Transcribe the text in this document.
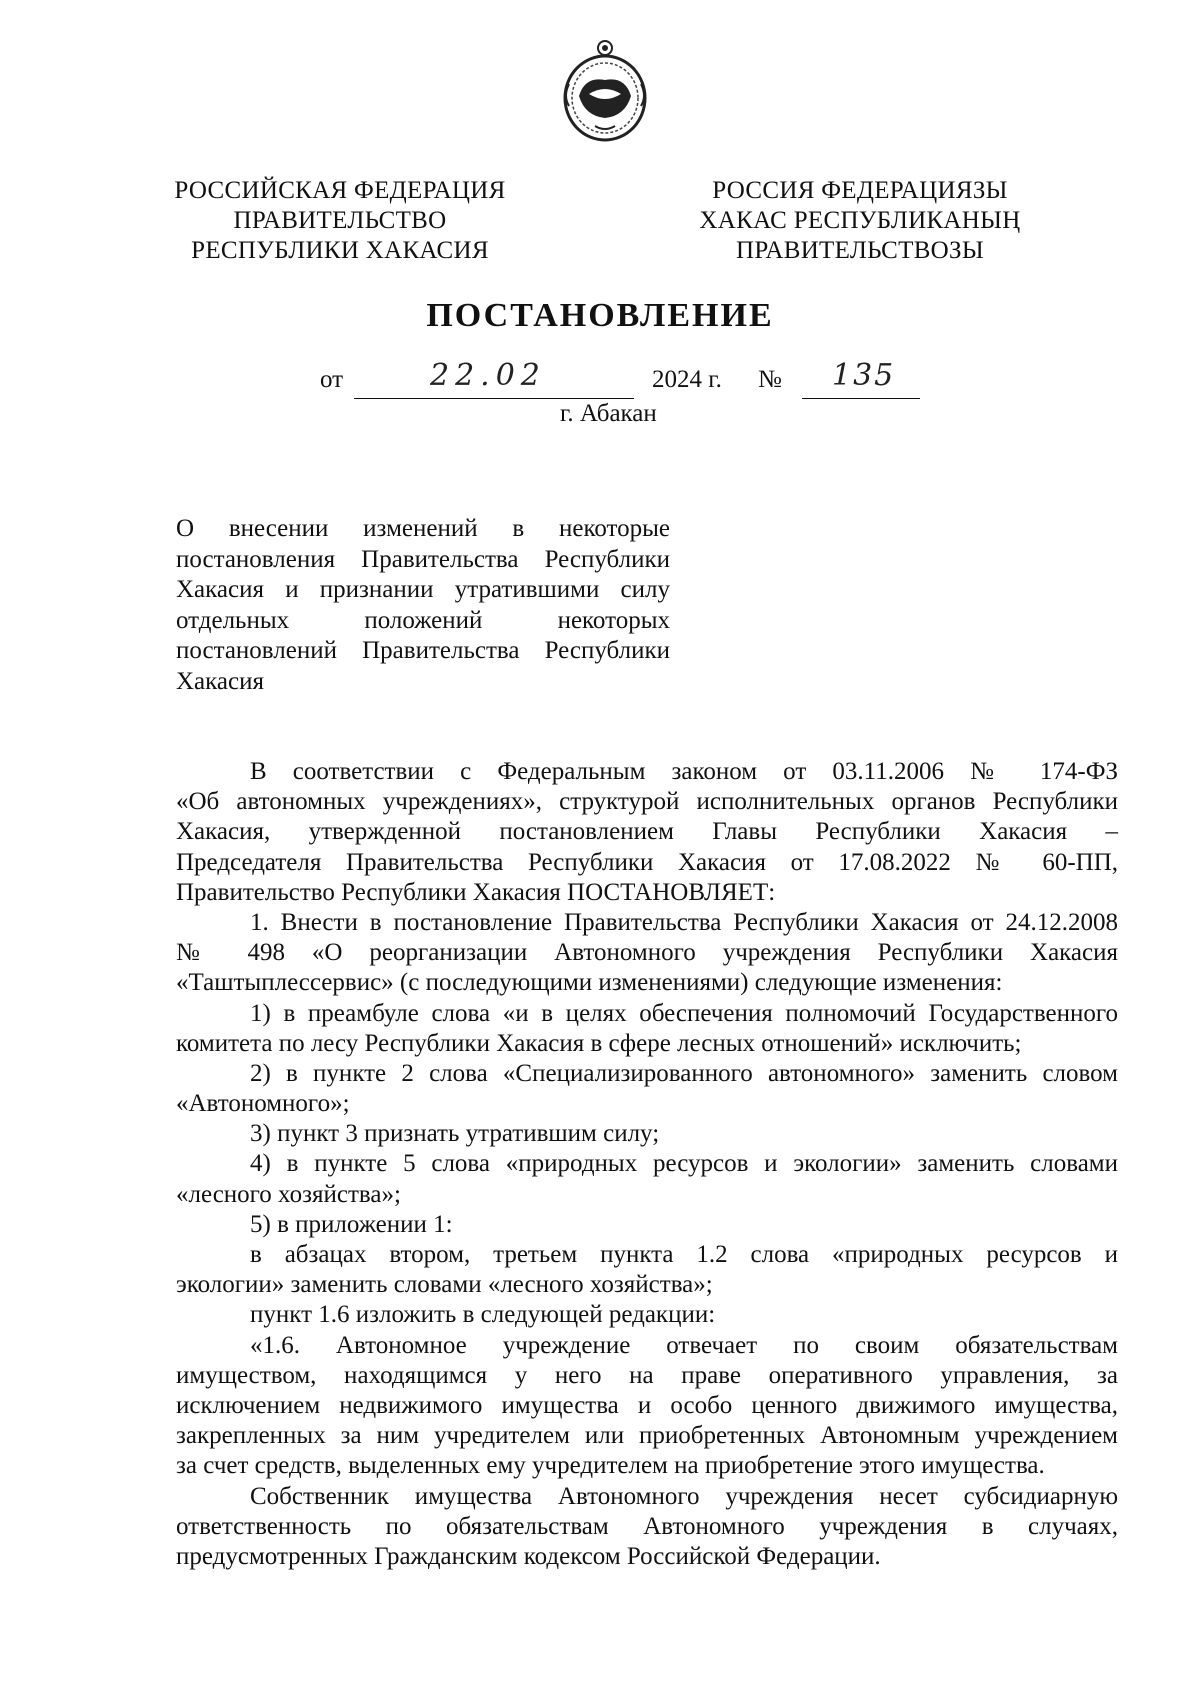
РОССИЙСКАЯ ФЕДЕРАЦИЯ
ПРАВИТЕЛЬСТВО
РЕСПУБЛИКИ ХАКАСИЯ
РОССИЯ ФЕДЕРАЦИЯЗЫ
ХАКАС РЕСПУБЛИКАНЫҢ
ПРАВИТЕЛЬСТВОЗЫ
ПОСТАНОВЛЕНИЕ
от	22.02	2024 г. № 135
г. Абакан
О внесении изменений в некоторые
постановления Правительства Республики
Хакасия и признании утратившими силу
отдельных положений некоторых
постановлений Правительства Республики
Хакасия
В соответствии с Федеральным законом от 03.11.2006 № 174-ФЗ
«Об автономных учреждениях», структурой исполнительных органов Республики
Хакасия, утвержденной постановлением Главы Республики Хакасия –
Председателя Правительства Республики Хакасия от 17.08.2022 № 60-ПП,
Правительство Республики Хакасия ПОСТАНОВЛЯЕТ:
1. Внести в постановление Правительства Республики Хакасия от 24.12.2008
№ 498 «О реорганизации Автономного учреждения Республики Хакасия
«Таштыплессервис» (с последующими изменениями) следующие изменения:
1) в преамбуле слова «и в целях обеспечения полномочий Государственного
комитета по лесу Республики Хакасия в сфере лесных отношений» исключить;
2) в пункте 2 слова «Специализированного автономного» заменить словом
«Автономного»;
3) пункт 3 признать утратившим силу;
4) в пункте 5 слова «природных ресурсов и экологии» заменить словами
«лесного хозяйства»;
5) в приложении 1:
в абзацах втором, третьем пункта 1.2 слова «природных ресурсов и
экологии» заменить словами «лесного хозяйства»;
пункт 1.6 изложить в следующей редакции:
«1.6. Автономное учреждение отвечает по своим обязательствам
имуществом, находящимся у него на праве оперативного управления, за
исключением недвижимого имущества и особо ценного движимого имущества,
закрепленных за ним учредителем или приобретенных Автономным учреждением
за счет средств, выделенных ему учредителем на приобретение этого имущества.
Собственник имущества Автономного учреждения несет субсидиарную
ответственность по обязательствам Автономного учреждения в случаях,
предусмотренных Гражданским кодексом Российской Федерации.
